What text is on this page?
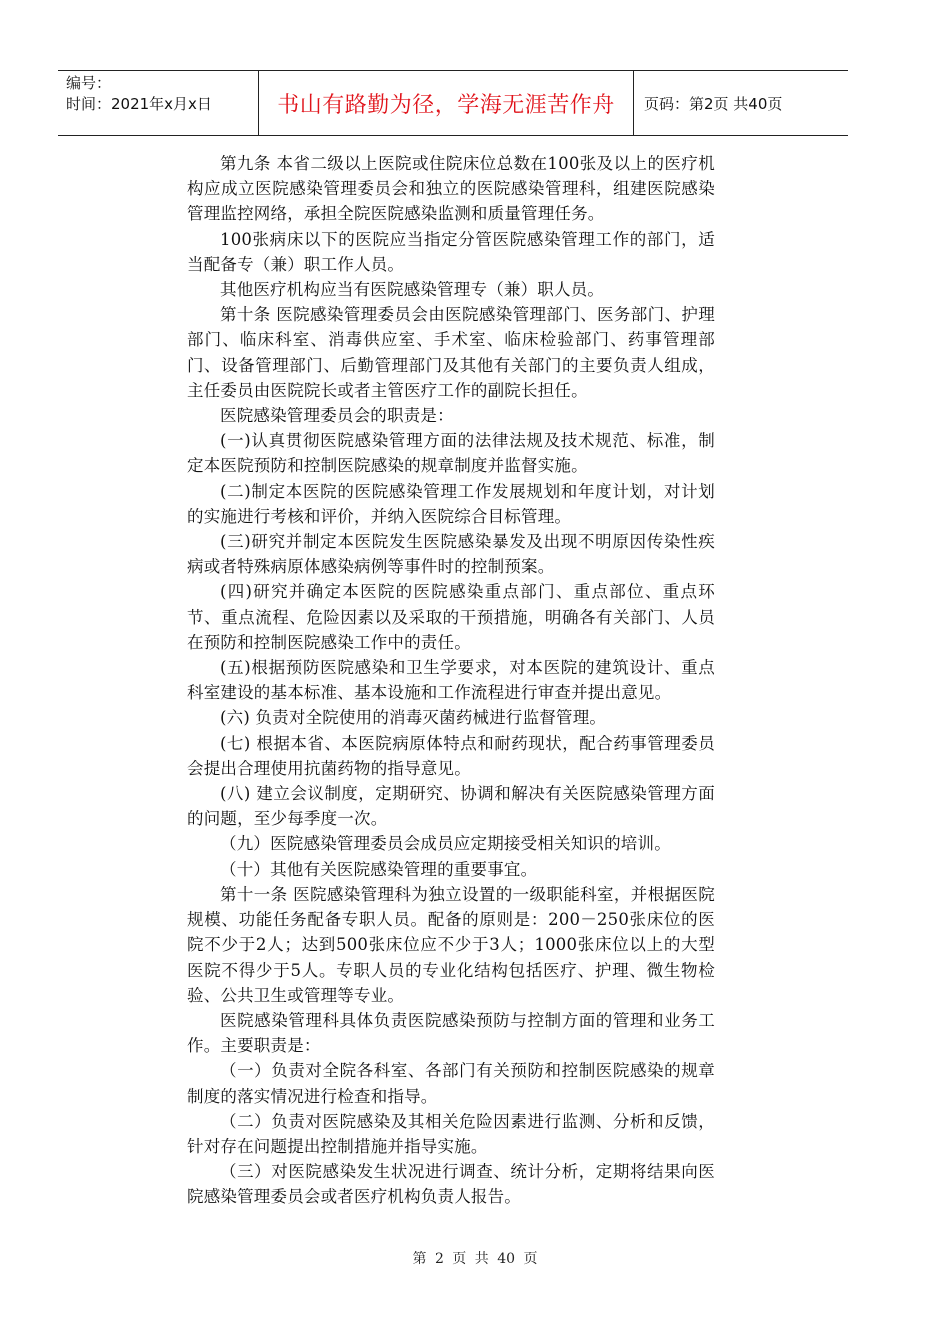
编号：
时间：2021年x月x日	书山有路勤为径，学海无涯苦作舟	页码：第2页 共40页

第九条 本省二级以上医院或住院床位总数在100张及以上的医疗机构应成立医院感染管理委员会和独立的医院感染管理科，组建医院感染管理监控网络，承担全院医院感染监测和质量管理任务。

100张病床以下的医院应当指定分管医院感染管理工作的部门，适当配备专（兼）职工作人员。

其他医疗机构应当有医院感染管理专（兼）职人员。

第十条 医院感染管理委员会由医院感染管理部门、医务部门、护理部门、临床科室、消毒供应室、手术室、临床检验部门、药事管理部门、设备管理部门、后勤管理部门及其他有关部门的主要负责人组成，主任委员由医院院长或者主管医疗工作的副院长担任。

医院感染管理委员会的职责是：

(一)认真贯彻医院感染管理方面的法律法规及技术规范、标准，制定本医院预防和控制医院感染的规章制度并监督实施。

(二)制定本医院的医院感染管理工作发展规划和年度计划，对计划的实施进行考核和评价，并纳入医院综合目标管理。

(三)研究并制定本医院发生医院感染暴发及出现不明原因传染性疾病或者特殊病原体感染病例等事件时的控制预案。

(四)研究并确定本医院的医院感染重点部门、重点部位、重点环节、重点流程、危险因素以及采取的干预措施，明确各有关部门、人员在预防和控制医院感染工作中的责任。

(五)根据预防医院感染和卫生学要求，对本医院的建筑设计、重点科室建设的基本标准、基本设施和工作流程进行审查并提出意见。

(六) 负责对全院使用的消毒灭菌药械进行监督管理。

(七) 根据本省、本医院病原体特点和耐药现状，配合药事管理委员会提出合理使用抗菌药物的指导意见。

(八) 建立会议制度，定期研究、协调和解决有关医院感染管理方面的问题，至少每季度一次。

（九）医院感染管理委员会成员应定期接受相关知识的培训。

（十）其他有关医院感染管理的重要事宜。

第十一条 医院感染管理科为独立设置的一级职能科室，并根据医院规模、功能任务配备专职人员。配备的原则是：200－250张床位的医院不少于2人；达到500张床位应不少于3人；1000张床位以上的大型医院不得少于5人。专职人员的专业化结构包括医疗、护理、微生物检验、公共卫生或管理等专业。

医院感染管理科具体负责医院感染预防与控制方面的管理和业务工作。主要职责是：

（一）负责对全院各科室、各部门有关预防和控制医院感染的规章制度的落实情况进行检查和指导。

（二）负责对医院感染及其相关危险因素进行监测、分析和反馈，针对存在问题提出控制措施并指导实施。

（三）对医院感染发生状况进行调查、统计分析，定期将结果向医院感染管理委员会或者医疗机构负责人报告。

第 2 页 共 40 页
